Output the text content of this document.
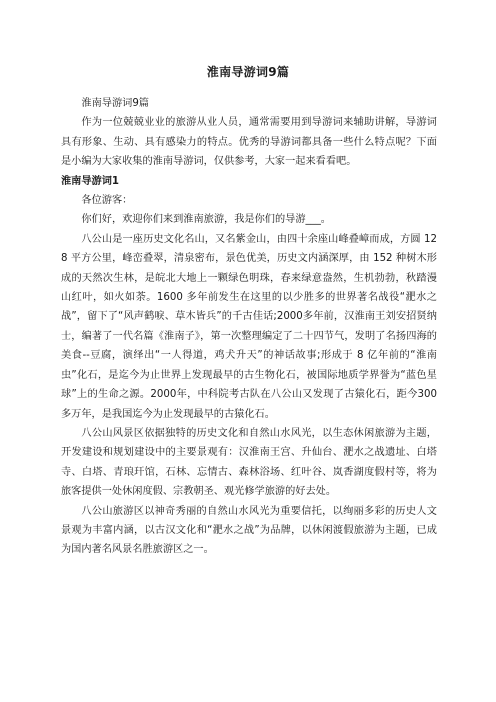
淮南导游词9篇

淮南导游词9篇

作为一位兢兢业业的旅游从业人员，通常需要用到导游词来辅助讲解，导游词具有形象、生动、具有感染力的特点。优秀的导游词都具备一些什么特点呢？下面是小编为大家收集的淮南导游词，仅供参考，大家一起来看看吧。

淮南导游词1

各位游客：

你们好，欢迎你们来到淮南旅游，我是你们的导游___。

八公山是一座历史文化名山，又名紫金山，由四十余座山峰叠嶂而成，方圆 128 平方公里，峰峦叠翠，清泉密布，景色优美，历史文内涵深厚，由 152 种树木形成的天然次生林，是皖北大地上一颗绿色明珠，春来绿意盎然，生机勃勃，秋踏漫山红叶，如火如荼。1600 多年前发生在这里的以少胜多的世界著名战役“淝水之战”，留下了“风声鹤唳、草木皆兵”的千古佳话;2000多年前，汉淮南王刘安招贤纳士，编著了一代名篇《淮南子》，第一次整理编定了二十四节气，发明了名扬四海的美食--豆腐，演绎出“一人得道，鸡犬升天”的神话故事;形成于 8 亿年前的“淮南虫”化石，是迄今为止世界上发现最早的古生物化石，被国际地质学界誉为“蓝色星球”上的生命之源。2000年，中科院考古队在八公山又发现了古猿化石，距今300多万年，是我国迄今为止发现最早的古猿化石。

八公山风景区依据独特的历史文化和自然山水风光，以生态休闲旅游为主题，开发建设和规划建设中的主要景观有：汉淮南王宫、升仙台、淝水之战遗址、白塔寺、白塔、青琅玕馆，石林、忘情古、森林浴场、红叶谷、岚香湖度假村等，将为旅客提供一处休闲度假、宗教朝圣、观光修学旅游的好去处。

八公山旅游区以神奇秀丽的自然山水风光为重要信托，以绚丽多彩的历史人文景观为丰富内涵，以古汉文化和“淝水之战”为品牌，以休闲渡假旅游为主题，已成为国内著名风景名胜旅游区之一。
